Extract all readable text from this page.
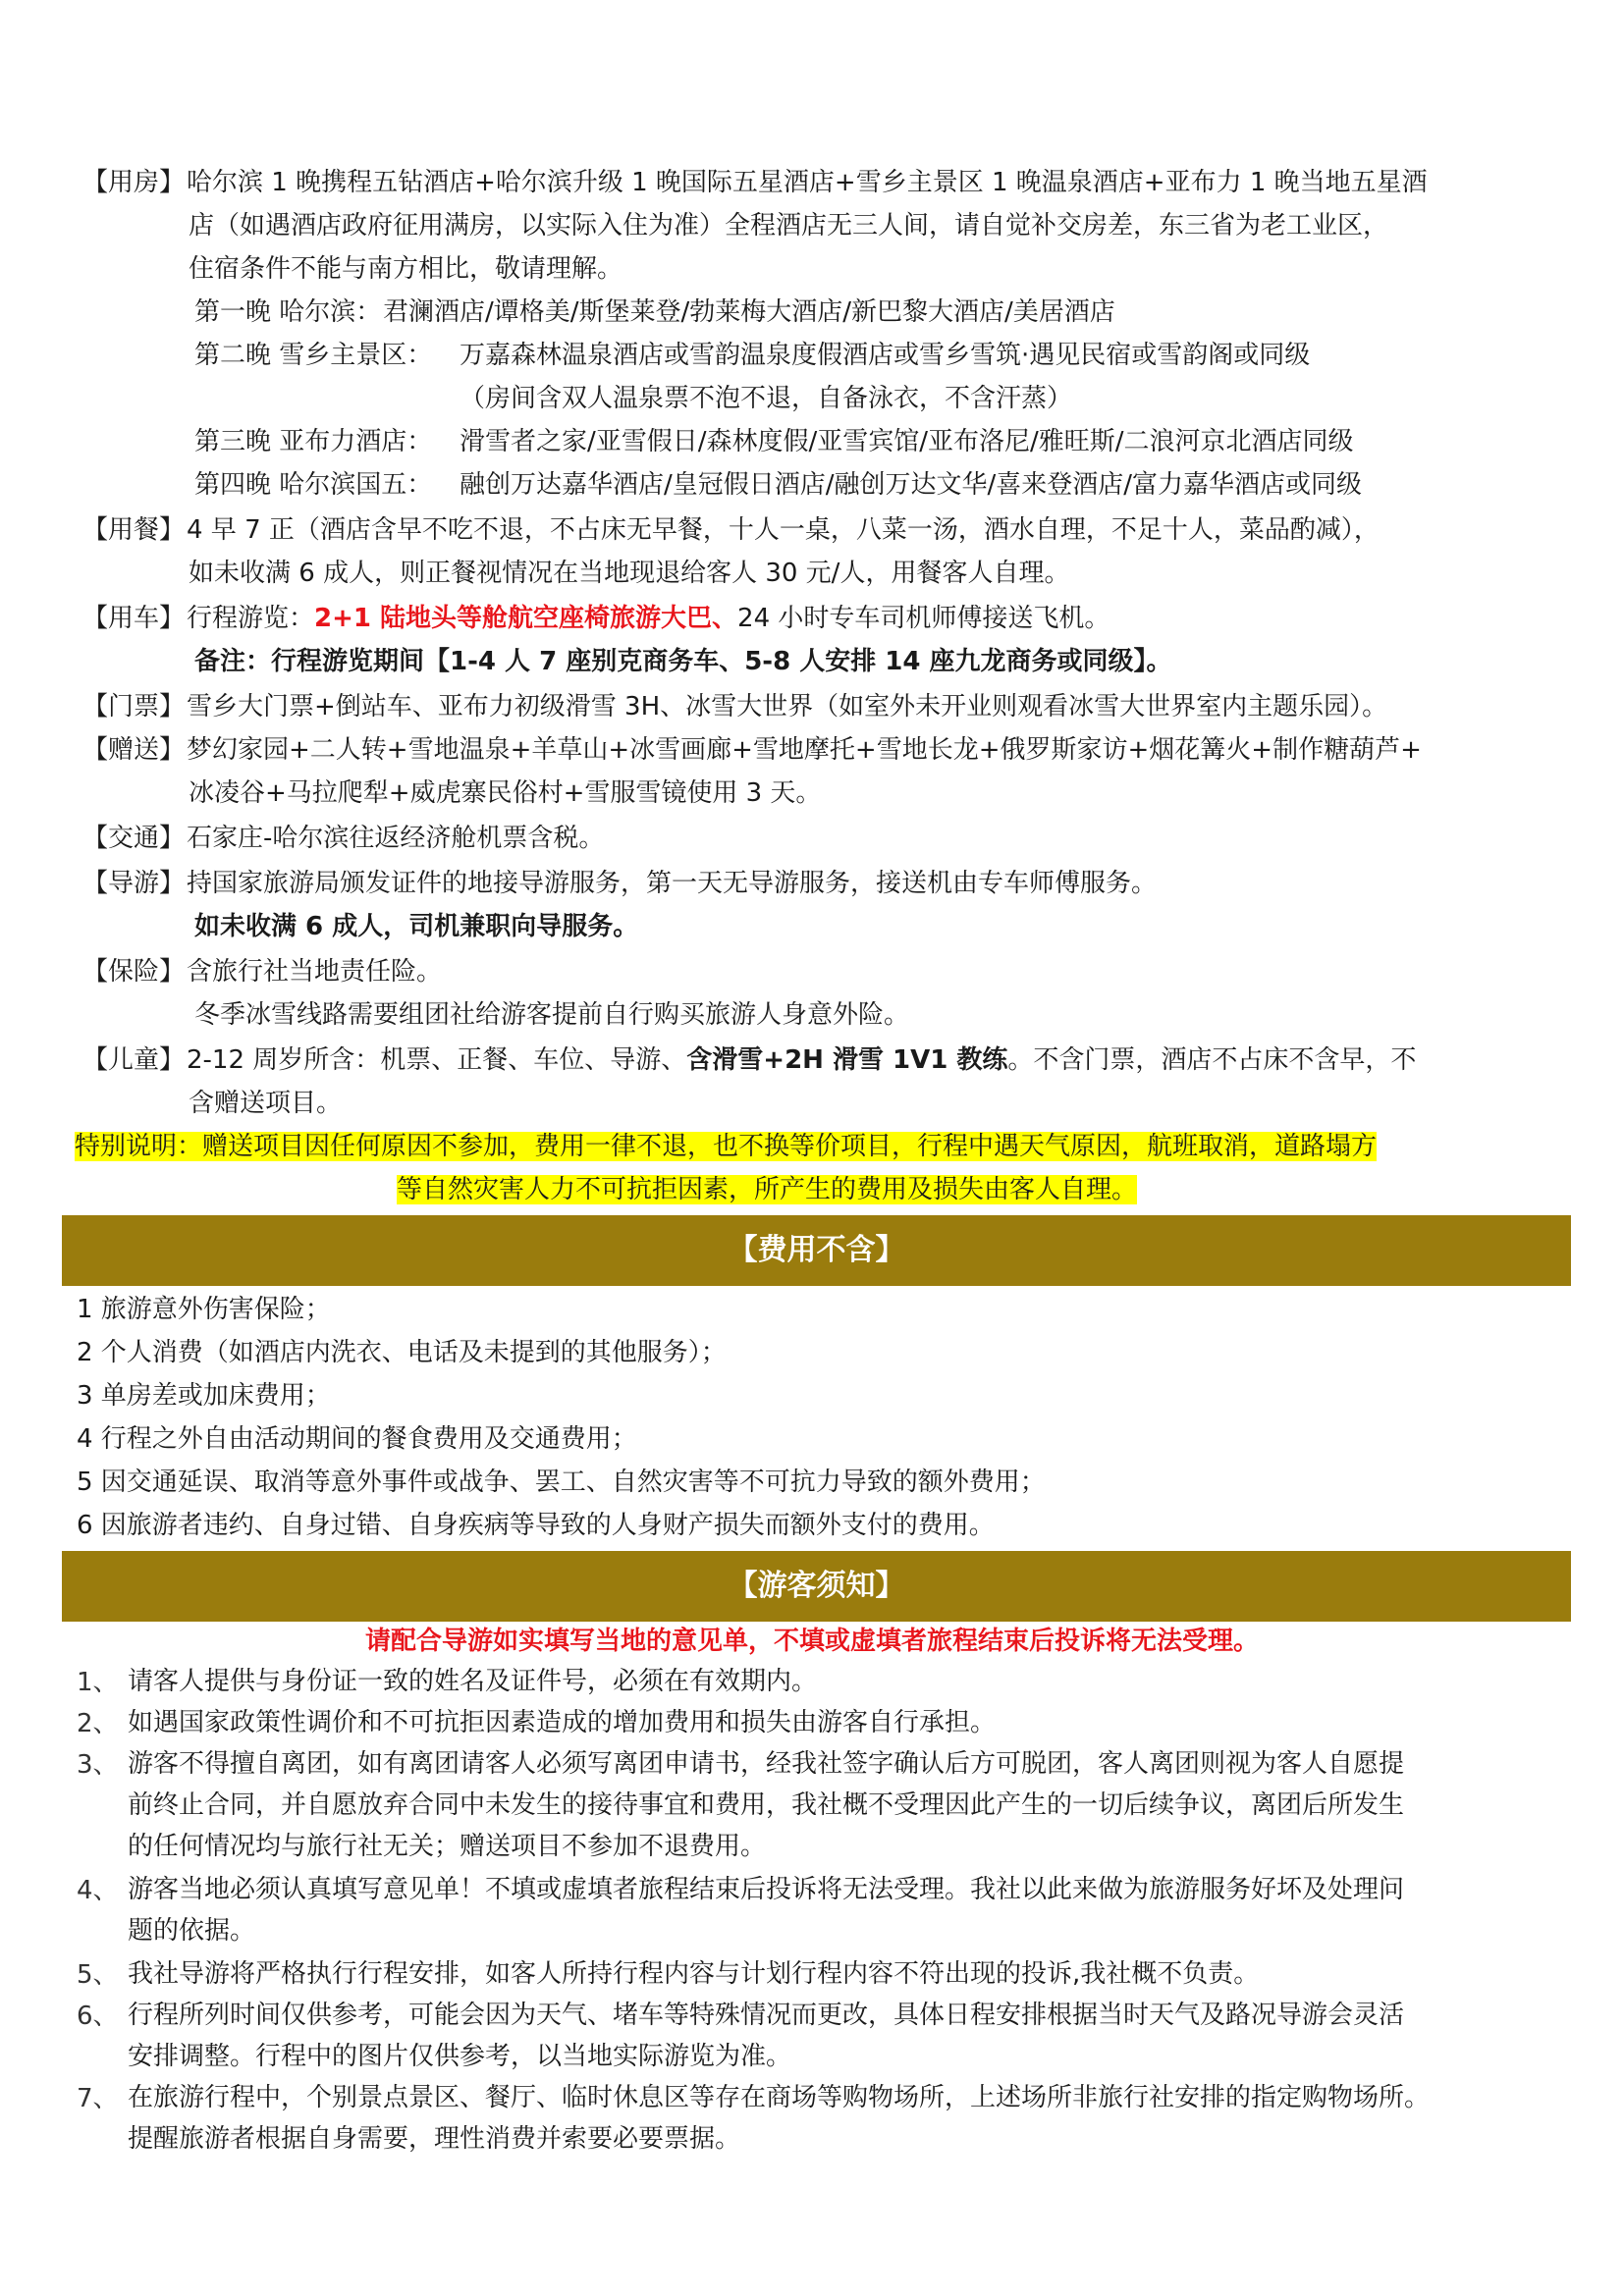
【用房】哈尔滨 1 晚携程五钻酒店+哈尔滨升级 1 晚国际五星酒店+雪乡主景区 1 晚温泉酒店+亚布力 1 晚当地五星酒
店（如遇酒店政府征用满房，以实际入住为准）全程酒店无三人间，请自觉补交房差，东三省为老工业区，
住宿条件不能与南方相比，敬请理解。
第一晚 哈尔滨： 君澜酒店/谭格美/斯堡莱登/勃莱梅大酒店/新巴黎大酒店/美居酒店
第二晚 雪乡主景区： 万嘉森林温泉酒店或雪韵温泉度假酒店或雪乡雪筑·遇见民宿或雪韵阁或同级
（房间含双人温泉票不泡不退，自备泳衣，不含汗蒸）
第三晚 亚布力酒店： 滑雪者之家/亚雪假日/森林度假/亚雪宾馆/亚布洛尼/雅旺斯/二浪河京北酒店同级
第四晚 哈尔滨国五： 融创万达嘉华酒店/皇冠假日酒店/融创万达文华/喜来登酒店/富力嘉华酒店或同级
【用餐】4 早 7 正（酒店含早不吃不退，不占床无早餐，十人一桌，八菜一汤，酒水自理，不足十人，菜品酌减），
如未收满 6 成人，则正餐视情况在当地现退给客人 30 元/人，用餐客人自理。
【用车】行程游览：2+1 陆地头等舱航空座椅旅游大巴、24 小时专车司机师傅接送飞机。
备注：行程游览期间【1-4 人 7 座别克商务车、5-8 人安排 14 座九龙商务或同级】。
【门票】雪乡大门票+倒站车、亚布力初级滑雪 3H、冰雪大世界（如室外未开业则观看冰雪大世界室内主题乐园）。
【赠送】梦幻家园+二人转+雪地温泉+羊草山+冰雪画廊+雪地摩托+雪地长龙+俄罗斯家访+烟花篝火+制作糖葫芦+
冰凌谷+马拉爬犁+威虎寨民俗村+雪服雪镜使用 3 天。
【交通】石家庄-哈尔滨往返经济舱机票含税。
【导游】持国家旅游局颁发证件的地接导游服务，第一天无导游服务，接送机由专车师傅服务。
如未收满 6 成人，司机兼职向导服务。
【保险】含旅行社当地责任险。
冬季冰雪线路需要组团社给游客提前自行购买旅游人身意外险。
【儿童】2-12 周岁所含：机票、正餐、车位、导游、含滑雪+2H 滑雪 1V1 教练。不含门票，酒店不占床不含早，不
含赠送项目。
特别说明：赠送项目因任何原因不参加，费用一律不退，也不换等价项目，行程中遇天气原因，航班取消，道路塌方
等自然灾害人力不可抗拒因素，所产生的费用及损失由客人自理。
【费用不含】
1 旅游意外伤害保险；
2 个人消费（如酒店内洗衣、电话及未提到的其他服务）；
3 单房差或加床费用；
4 行程之外自由活动期间的餐食费用及交通费用；
5 因交通延误、取消等意外事件或战争、罢工、自然灾害等不可抗力导致的额外费用；
6 因旅游者违约、自身过错、自身疾病等导致的人身财产损失而额外支付的费用。
【游客须知】
请配合导游如实填写当地的意见单，不填或虚填者旅程结束后投诉将无法受理。
1、 请客人提供与身份证一致的姓名及证件号，必须在有效期内。
2、 如遇国家政策性调价和不可抗拒因素造成的增加费用和损失由游客自行承担。
3、 游客不得擅自离团，如有离团请客人必须写离团申请书，经我社签字确认后方可脱团，客人离团则视为客人自愿提
前终止合同，并自愿放弃合同中未发生的接待事宜和费用，我社概不受理因此产生的一切后续争议，离团后所发生
的任何情况均与旅行社无关；赠送项目不参加不退费用。
4、 游客当地必须认真填写意见单！不填或虚填者旅程结束后投诉将无法受理。我社以此来做为旅游服务好坏及处理问
题的依据。
5、 我社导游将严格执行行程安排，如客人所持行程内容与计划行程内容不符出现的投诉,我社概不负责。
6、 行程所列时间仅供参考，可能会因为天气、堵车等特殊情况而更改，具体日程安排根据当时天气及路况导游会灵活
安排调整。行程中的图片仅供参考，以当地实际游览为准。
7、 在旅游行程中，个别景点景区、餐厅、临时休息区等存在商场等购物场所，上述场所非旅行社安排的指定购物场所。
提醒旅游者根据自身需要，理性消费并索要必要票据。
